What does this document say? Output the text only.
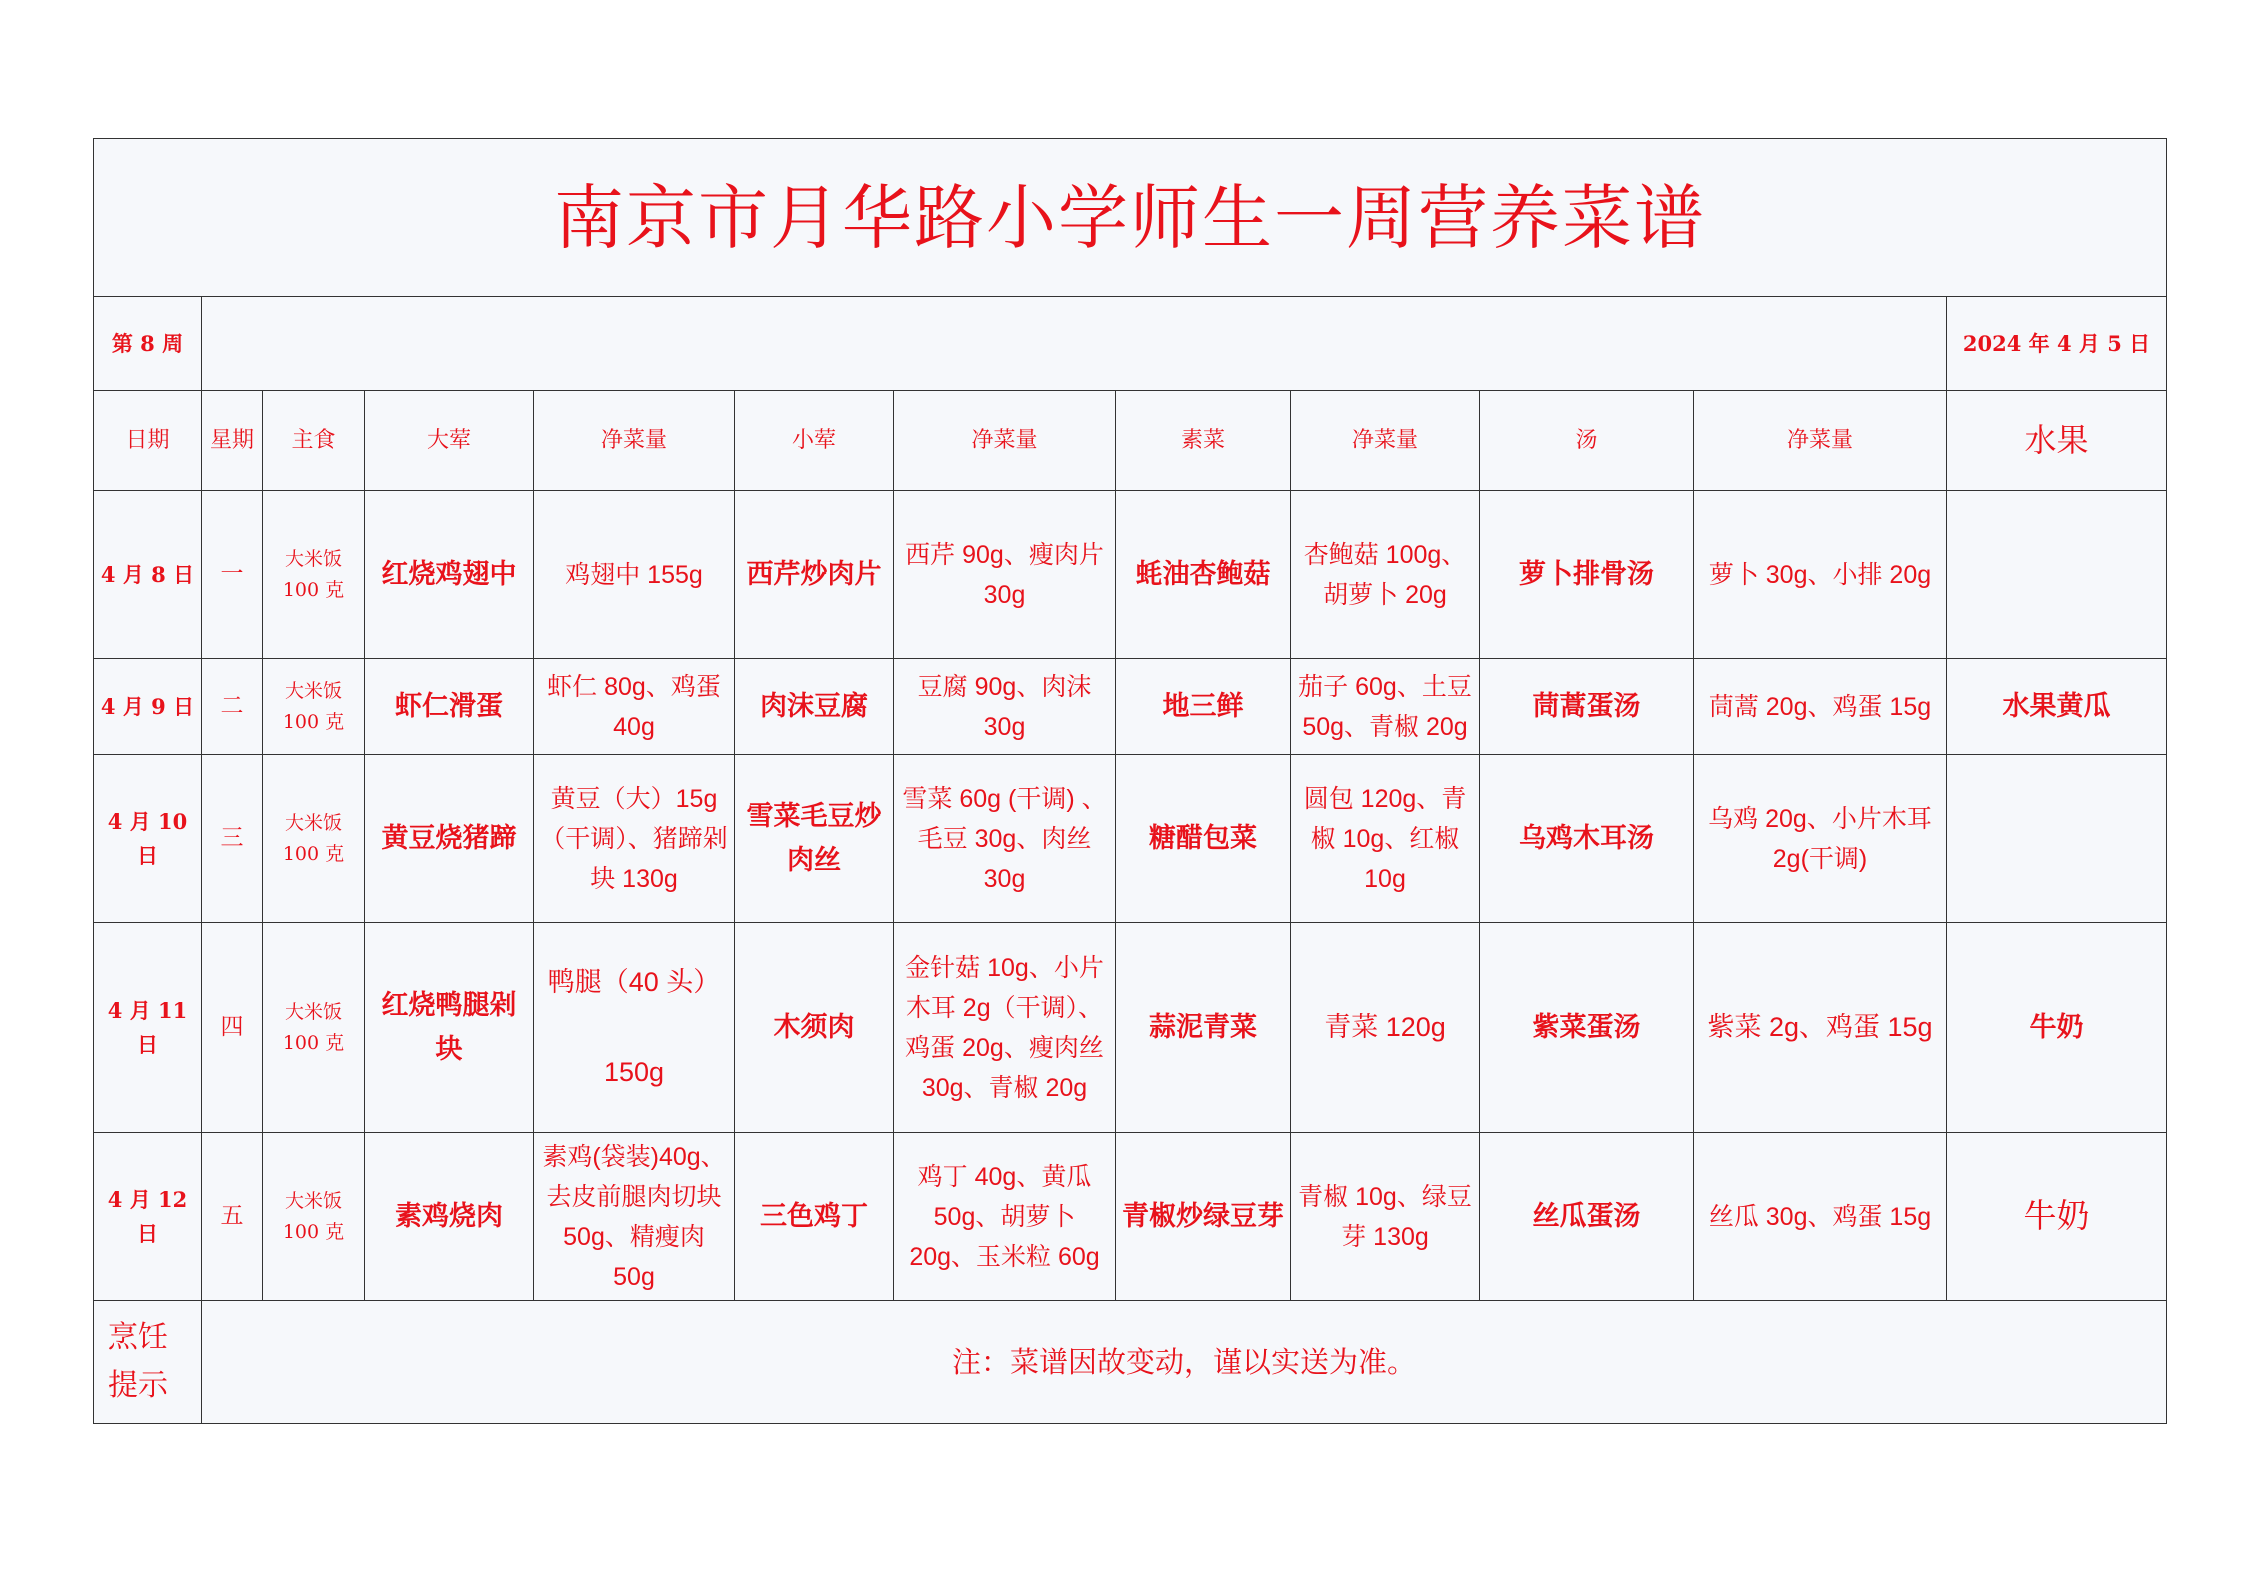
南京市月华路小学师生一周营养菜谱											
第 8 周											2024 年 4 月 5 日
日期	星期	主食	大荤	净菜量	小荤	净菜量	素菜	净菜量	汤	净菜量	水果
4 月 8 日	一	大米饭 100 克	红烧鸡翅中	鸡翅中 155g	西芹炒肉片	西芹 90g、瘦肉片 30g	蚝油杏鲍菇	杏鲍菇 100g、胡萝卜 20g	萝卜排骨汤	萝卜 30g、小排 20g	
4 月 9 日	二	大米饭 100 克	虾仁滑蛋	虾仁 80g、鸡蛋 40g	肉沫豆腐	豆腐 90g、肉沫 30g	地三鲜	茄子 60g、土豆 50g、青椒 20g	茼蒿蛋汤	茼蒿 20g、鸡蛋 15g	水果黄瓜
4 月 10 日	三	大米饭 100 克	黄豆烧猪蹄	黄豆（大）15g（干调）、猪蹄剁块 130g	雪菜毛豆炒肉丝	雪菜 60g (干调) 、毛豆 30g、肉丝 30g	糖醋包菜	圆包 120g、青椒 10g、红椒 10g	乌鸡木耳汤	乌鸡 20g、小片木耳 2g(干调)	
4 月 11 日	四	大米饭 100 克	红烧鸭腿剁块	鸭腿（40 头） 150g	木须肉	金针菇 10g、小片木耳 2g（干调）、鸡蛋 20g、瘦肉丝 30g、青椒 20g	蒜泥青菜	青菜 120g	紫菜蛋汤	紫菜 2g、鸡蛋 15g	牛奶
4 月 12 日	五	大米饭 100 克	素鸡烧肉	素鸡(袋装)40g、去皮前腿肉切块 50g、精瘦肉 50g	三色鸡丁	鸡丁 40g、黄瓜 50g、胡萝卜 20g、玉米粒 60g	青椒炒绿豆芽	青椒 10g、绿豆芽 130g	丝瓜蛋汤	丝瓜 30g、鸡蛋 15g	牛奶
烹饪提示	注：菜谱因故变动，谨以实送为准。										
